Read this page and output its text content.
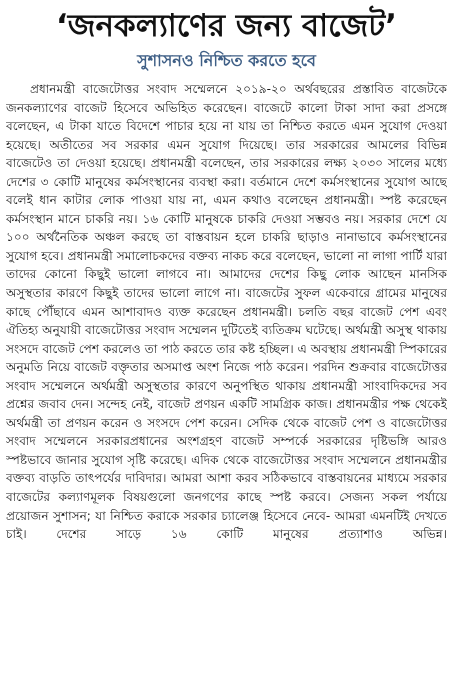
‘জনকল্যাণের জন্য বাজেট’
সুশাসনও নিশ্চিত করতে হবে

প্রধানমন্ত্রী বাজেটোত্তর সংবাদ সম্মেলনে ২০১৯-২০ অর্থবছরের প্রস্তাবিত বাজেটকে জনকল্যাণের বাজেট হিসেবে অভিহিত করেছেন। বাজেটে কালো টাকা সাদা করা প্রসঙ্গে বলেছেন, এ টাকা যাতে বিদেশে পাচার হয়ে না যায় তা নিশ্চিত করতে এমন সুযোগ দেওয়া হয়েছে। অতীতের সব সরকার এমন সুযোগ দিয়েছে। তার সরকারের আমলের বিভিন্ন বাজেটেও তা দেওয়া হয়েছে। প্রধানমন্ত্রী বলেছেন, তার সরকারের লক্ষ্য ২০৩০ সালের মধ্যে দেশের ৩ কোটি মানুষের কর্মসংস্থানের ব্যবস্থা করা। বর্তমানে দেশে কর্মসংস্থানের সুযোগ আছে বলেই ধান কাটার লোক পাওয়া যায় না, এমন কথাও বলেছেন প্রধানমন্ত্রী। স্পষ্ট করেছেন কর্মসংস্থান মানে চাকরি নয়। ১৬ কোটি মানুষকে চাকরি দেওয়া সম্ভবও নয়। সরকার দেশে যে ১০০ অর্থনৈতিক অঞ্চল করছে তা বাস্তবায়ন হলে চাকরি ছাড়াও নানাভাবে কর্মসংস্থানের সুযোগ হবে। প্রধানমন্ত্রী সমালোচকদের বক্তব্য নাকচ করে বলেছেন, ভালো না লাগা পার্টি যারা তাদের কোনো কিছুই ভালো লাগবে না। আমাদের দেশের কিছু লোক আছেন মানসিক অসুস্থতার কারণে কিছুই তাদের ভালো লাগে না। বাজেটের সুফল একেবারে গ্রামের মানুষের কাছে পৌঁছাবে এমন আশাবাদও ব্যক্ত করেছেন প্রধানমন্ত্রী। চলতি বছর বাজেট পেশ এবং ঐতিহ্য অনুযায়ী বাজেটোত্তর সংবাদ সম্মেলন দুটিতেই ব্যতিক্রম ঘটেছে। অর্থমন্ত্রী অসুস্থ থাকায় সংসদে বাজেট পেশ করলেও তা পাঠ করতে তার কষ্ট হচ্ছিল। এ অবস্থায় প্রধানমন্ত্রী স্পিকারের অনুমতি নিয়ে বাজেট বক্তৃতার অসমাপ্ত অংশ নিজে পাঠ করেন। পরদিন শুক্রবার বাজেটোত্তর সংবাদ সম্মেলনে অর্থমন্ত্রী অসুস্থতার কারণে অনুপস্থিত থাকায় প্রধানমন্ত্রী সাংবাদিকদের সব প্রশ্নের জবাব দেন। সন্দেহ নেই, বাজেট প্রণয়ন একটি সামগ্রিক কাজ। প্রধানমন্ত্রীর পক্ষ থেকেই অর্থমন্ত্রী তা প্রণয়ন করেন ও সংসদে পেশ করেন। সেদিক থেকে বাজেট পেশ ও বাজেটোত্তর সংবাদ সম্মেলনে সরকারপ্রধানের অংশগ্রহণ বাজেট সম্পর্কে সরকারের দৃষ্টিভঙ্গি আরও স্পষ্টভাবে জানার সুযোগ সৃষ্টি করেছে। এদিক থেকে বাজেটোত্তর সংবাদ সম্মেলনে প্রধানমন্ত্রীর বক্তব্য বাড়তি তাৎপর্যের দাবিদার। আমরা আশা করব সঠিকভাবে বাস্তবায়নের মাধ্যমে সরকার বাজেটের কল্যাণমূলক বিষয়গুলো জনগণের কাছে স্পষ্ট করবে। সেজন্য সকল পর্যায়ে প্রয়োজন সুশাসন; যা নিশ্চিত করাকে সরকার চ্যালেঞ্জ হিসেবে নেবে- আমরা এমনটিই দেখতে চাই। দেশের সাড়ে ১৬ কোটি মানুষের প্রত্যাশাও অভিন্ন।
